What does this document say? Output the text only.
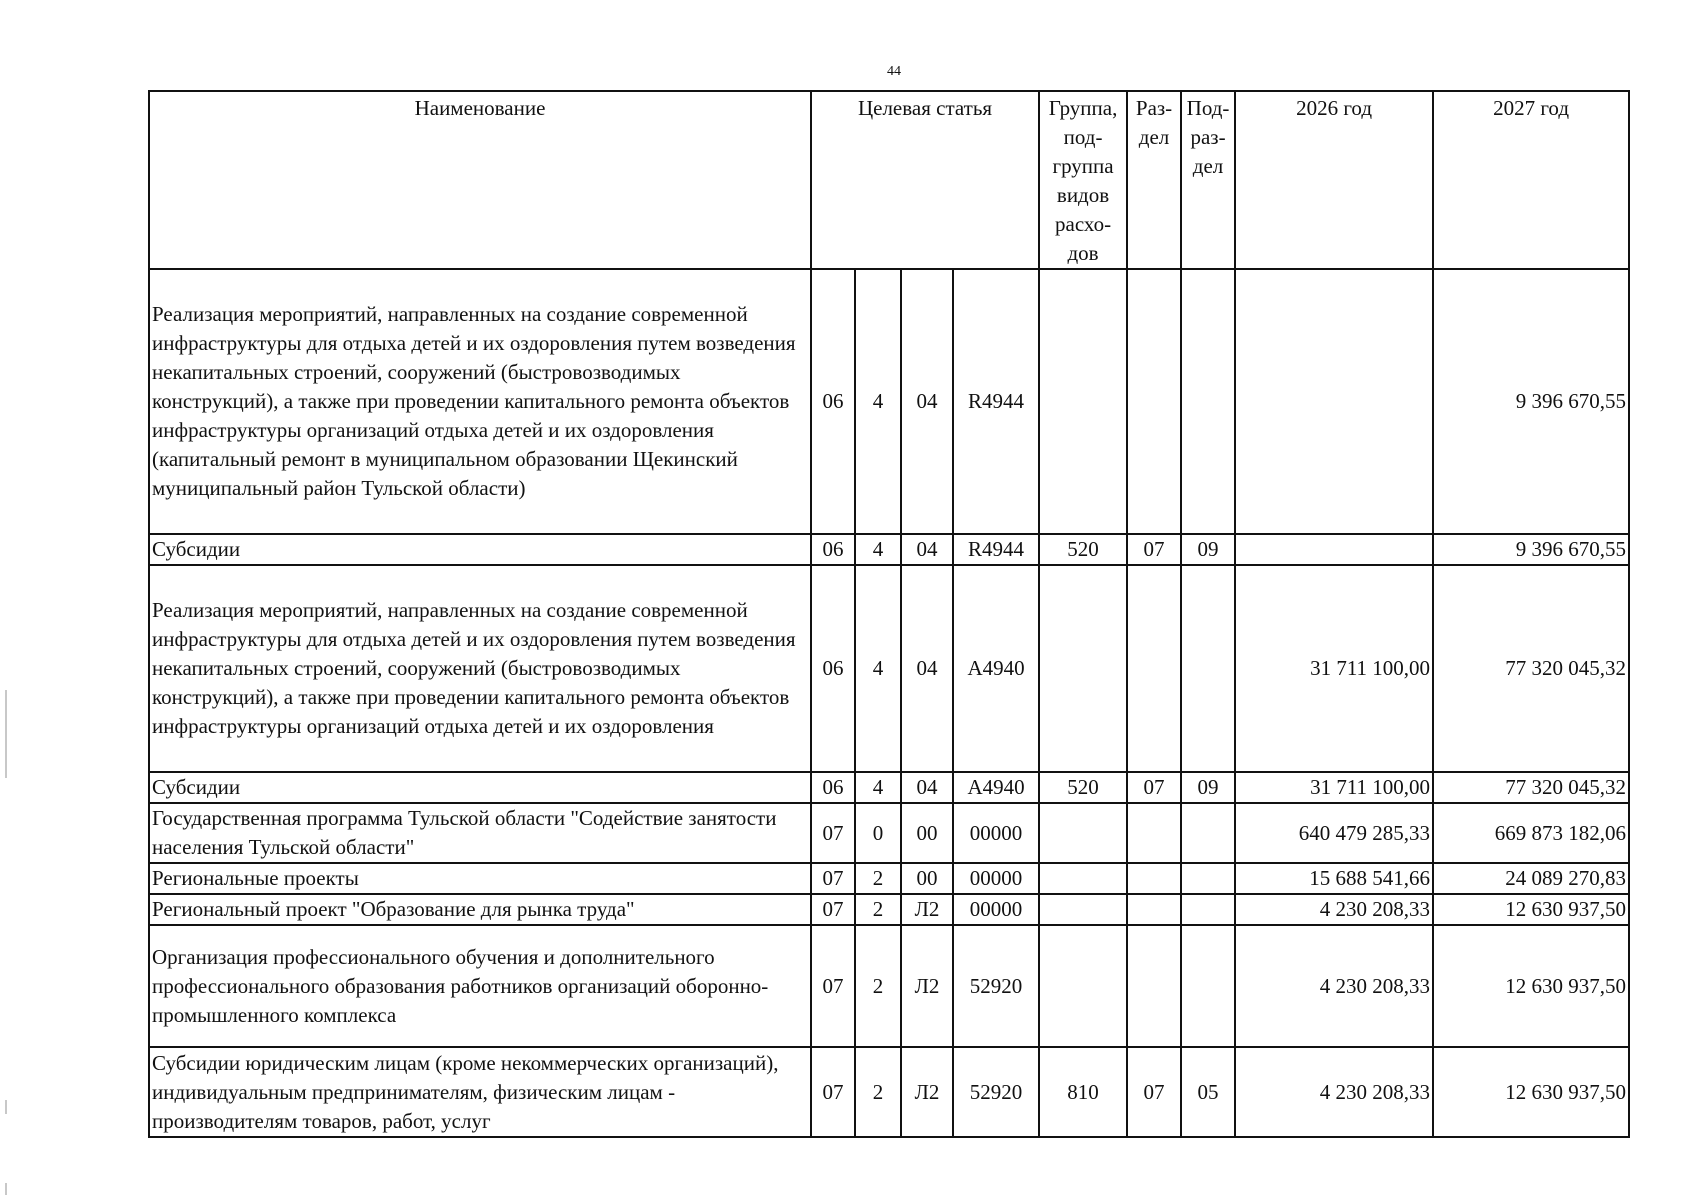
44
Наименование	Целевая статья				Группа, под-группа видов расхо-дов	Раз-дел	Под-раз-дел	2026 год	2027 год
Реализация мероприятий, направленных на создание современной инфраструктуры для отдыха детей и их оздоровления путем возведения некапитальных строений, сооружений (быстровозводимых конструкций), а также при проведении капитального ремонта объектов инфраструктуры организаций отдыха детей и их оздоровления (капитальный ремонт в муниципальном образовании Щекинский муниципальный район Тульской области)	06	4	04	R4944					9 396 670,55
Субсидии	06	4	04	R4944	520	07	09		9 396 670,55
Реализация мероприятий, направленных на создание современной инфраструктуры для отдыха детей и их оздоровления путем возведения некапитальных строений, сооружений (быстровозводимых конструкций), а также при проведении капитального ремонта объектов инфраструктуры организаций отдыха детей и их оздоровления	06	4	04	A4940				31 711 100,00	77 320 045,32
Субсидии	06	4	04	A4940	520	07	09	31 711 100,00	77 320 045,32
Государственная программа Тульской области "Содействие занятости населения Тульской области"	07	0	00	00000				640 479 285,33	669 873 182,06
Региональные проекты	07	2	00	00000				15 688 541,66	24 089 270,83
Региональный проект "Образование для рынка труда"	07	2	Л2	00000				4 230 208,33	12 630 937,50
Организация профессионального обучения и дополнительного профессионального образования работников организаций оборонно-промышленного комплекса	07	2	Л2	52920				4 230 208,33	12 630 937,50
Субсидии юридическим лицам (кроме некоммерческих организаций), индивидуальным предпринимателям, физическим лицам - производителям товаров, работ, услуг	07	2	Л2	52920	810	07	05	4 230 208,33	12 630 937,50
